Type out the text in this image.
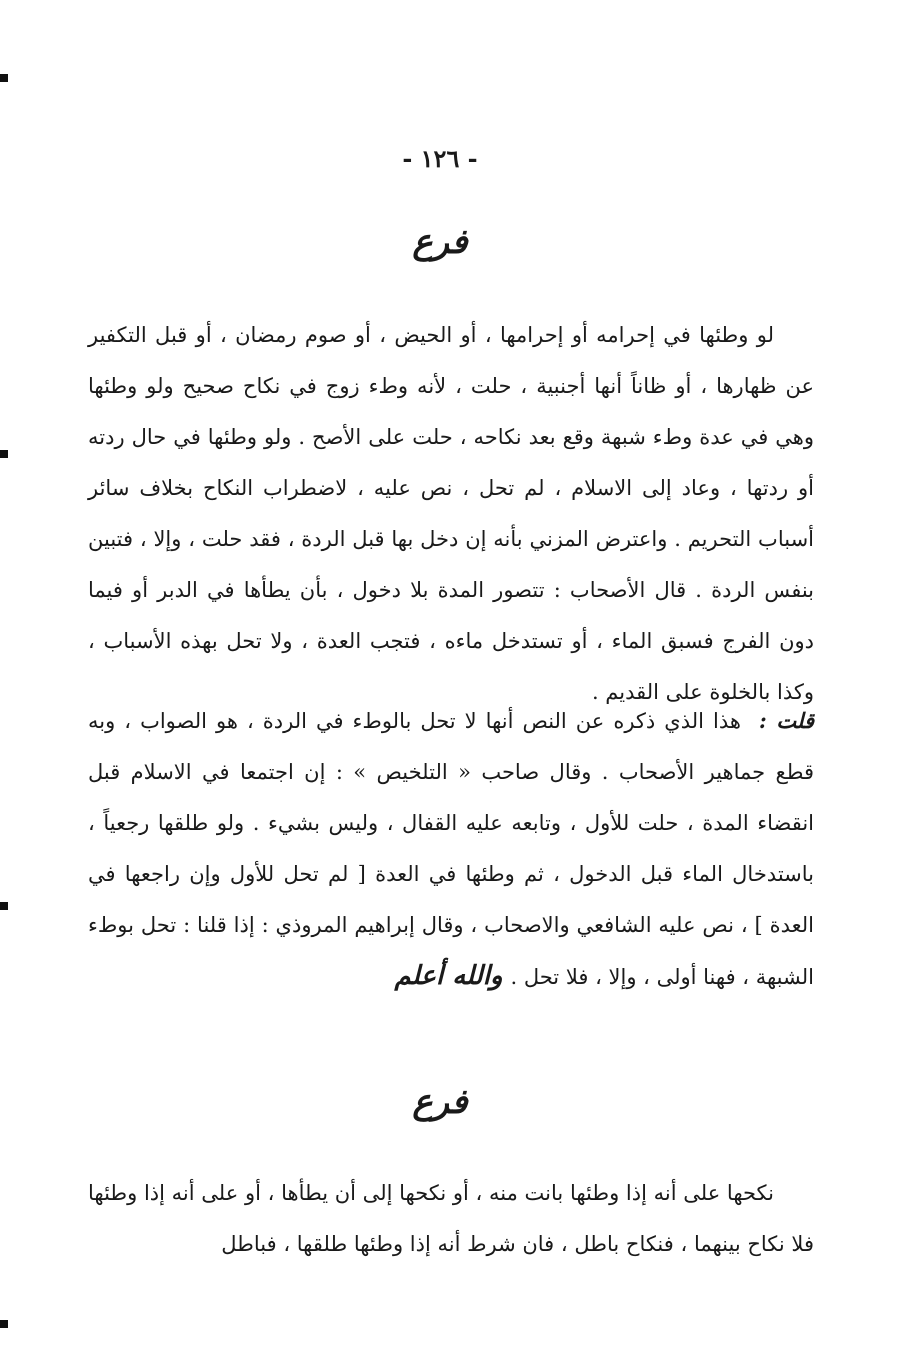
- ١٢٦ -
فرع

لو وطئها في إحرامه أو إحرامها ، أو الحيض ، أو صوم رمضان ، أو قبل التكفير عن ظهارها ، أو ظاناً أنها أجنبية ، حلت ، لأنه وطء زوج في نكاح صحيح ولو وطئها وهي في عدة وطء شبهة وقع بعد نكاحه ، حلت على الأصح . ولو وطئها في حال ردته أو ردتها ، وعاد إلى الاسلام ، لم تحل ، نص عليه ، لاضطراب النكاح بخلاف سائر أسباب التحريم . واعترض المزني بأنه إن دخل بها قبل الردة ، فقد حلت ، وإلا ، فتبين بنفس الردة . قال الأصحاب : تتصور المدة بلا دخول ، بأن يطأها في الدبر أو فيما دون الفرج فسبق الماء ، أو تستدخل ماءه ، فتجب العدة ، ولا تحل بهذه الأسباب ، وكذا بالخلوة على القديم .

قلت :هذا الذي ذكره عن النص أنها لا تحل بالوطء في الردة ، هو الصواب ، وبه قطع جماهير الأصحاب . وقال صاحب « التلخيص » : إن اجتمعا في الاسلام قبل انقضاء المدة ، حلت للأول ، وتابعه عليه القفال ، وليس بشيء . ولو طلقها رجعياً ، باستدخال الماء قبل الدخول ، ثم وطئها في العدة [ لم تحل للأول وإن راجعها في العدة ] ، نص عليه الشافعي والاصحاب ، وقال إبراهيم المروذي : إذا قلنا : تحل بوطء الشبهة ، فهنا أولى ، وإلا ، فلا تحل .والله أعلم

فرع

نكحها على أنه إذا وطئها بانت منه ، أو نكحها إلى أن يطأها ، أو على أنه إذا وطئها فلا نكاح بينهما ، فنكاح باطل ، فان شرط أنه إذا وطئها طلقها ، فباطل
